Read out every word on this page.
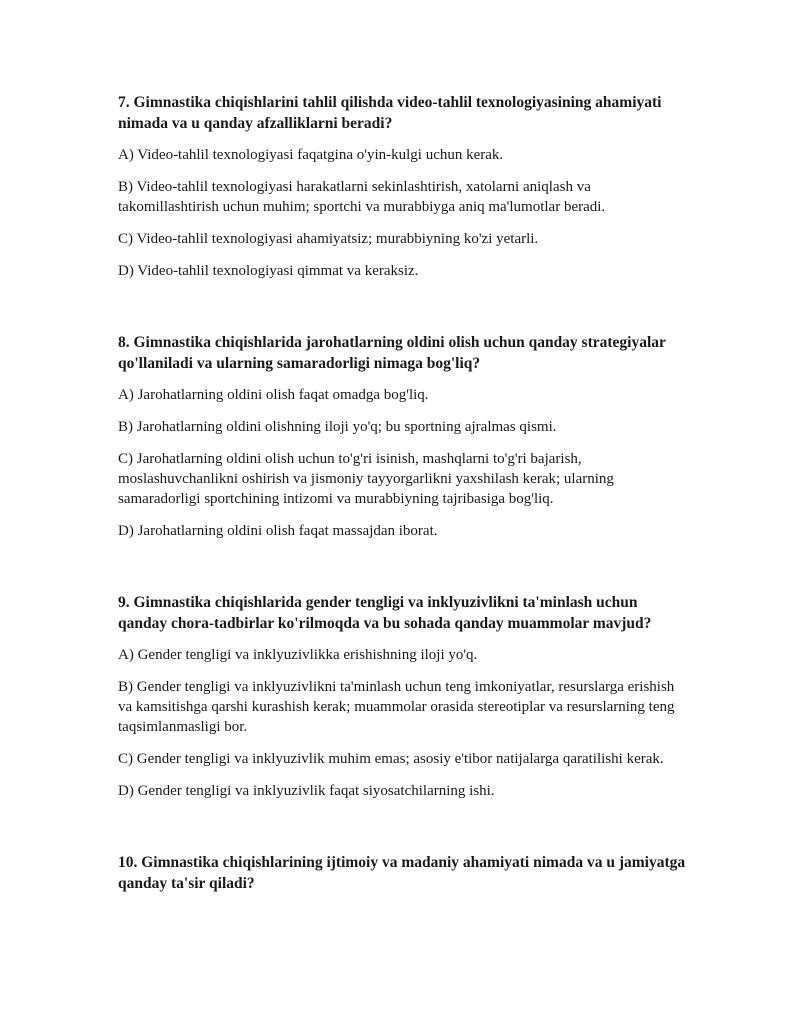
7. Gimnastika chiqishlarini tahlil qilishda video-tahlil texnologiyasining ahamiyati nimada va u qanday afzalliklarni beradi?

A) Video-tahlil texnologiyasi faqatgina o'yin-kulgi uchun kerak.

B) Video-tahlil texnologiyasi harakatlarni sekinlashtirish, xatolarni aniqlash va takomillashtirish uchun muhim; sportchi va murabbiyga aniq ma'lumotlar beradi.

C) Video-tahlil texnologiyasi ahamiyatsiz; murabbiyning ko'zi yetarli.

D) Video-tahlil texnologiyasi qimmat va keraksiz.

8. Gimnastika chiqishlarida jarohatlarning oldini olish uchun qanday strategiyalar qo'llaniladi va ularning samaradorligi nimaga bog'liq?

A) Jarohatlarning oldini olish faqat omadga bog'liq.

B) Jarohatlarning oldini olishning iloji yo'q; bu sportning ajralmas qismi.

C) Jarohatlarning oldini olish uchun to'g'ri isinish, mashqlarni to'g'ri bajarish, moslashuvchanlikni oshirish va jismoniy tayyorgarlikni yaxshilash kerak; ularning samaradorligi sportchining intizomi va murabbiyning tajribasiga bog'liq.

D) Jarohatlarning oldini olish faqat massajdan iborat.

9. Gimnastika chiqishlarida gender tengligi va inklyuzivlikni ta'minlash uchun qanday chora-tadbirlar ko'rilmoqda va bu sohada qanday muammolar mavjud?

A) Gender tengligi va inklyuzivlikka erishishning iloji yo'q.

B) Gender tengligi va inklyuzivlikni ta'minlash uchun teng imkoniyatlar, resurslarga erishish va kamsitishga qarshi kurashish kerak; muammolar orasida stereotiplar va resurslarning teng taqsimlanmasligi bor.

C) Gender tengligi va inklyuzivlik muhim emas; asosiy e'tibor natijalarga qaratilishi kerak.

D) Gender tengligi va inklyuzivlik faqat siyosatchilarning ishi.

10. Gimnastika chiqishlarining ijtimoiy va madaniy ahamiyati nimada va u jamiyatga qanday ta'sir qiladi?
